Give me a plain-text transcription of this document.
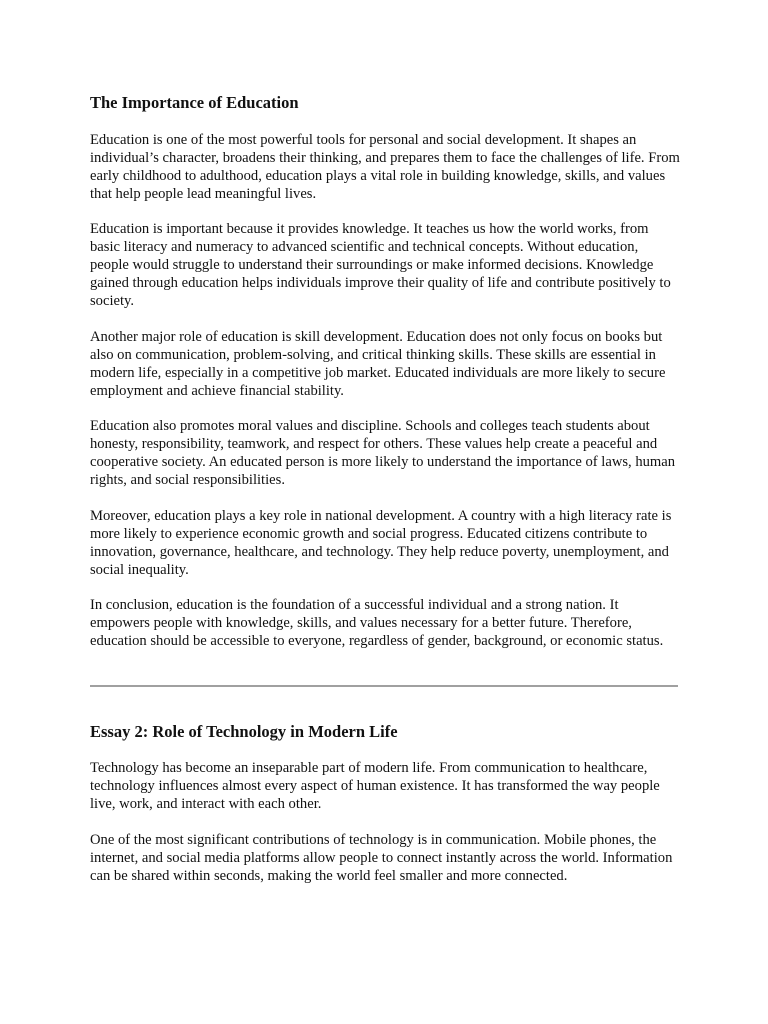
The Importance of Education

Education is one of the most powerful tools for personal and social development. It shapes an individual’s character, broadens their thinking, and prepares them to face the challenges of life. From early childhood to adulthood, education plays a vital role in building knowledge, skills, and values that help people lead meaningful lives.

Education is important because it provides knowledge. It teaches us how the world works, from basic literacy and numeracy to advanced scientific and technical concepts. Without education, people would struggle to understand their surroundings or make informed decisions. Knowledge gained through education helps individuals improve their quality of life and contribute positively to society.

Another major role of education is skill development. Education does not only focus on books but also on communication, problem-solving, and critical thinking skills. These skills are essential in modern life, especially in a competitive job market. Educated individuals are more likely to secure employment and achieve financial stability.

Education also promotes moral values and discipline. Schools and colleges teach students about honesty, responsibility, teamwork, and respect for others. These values help create a peaceful and cooperative society. An educated person is more likely to understand the importance of laws, human rights, and social responsibilities.

Moreover, education plays a key role in national development. A country with a high literacy rate is more likely to experience economic growth and social progress. Educated citizens contribute to innovation, governance, healthcare, and technology. They help reduce poverty, unemployment, and social inequality.

In conclusion, education is the foundation of a successful individual and a strong nation. It empowers people with knowledge, skills, and values necessary for a better future. Therefore, education should be accessible to everyone, regardless of gender, background, or economic status.

Essay 2: Role of Technology in Modern Life

Technology has become an inseparable part of modern life. From communication to healthcare, technology influences almost every aspect of human existence. It has transformed the way people live, work, and interact with each other.

One of the most significant contributions of technology is in communication. Mobile phones, the internet, and social media platforms allow people to connect instantly across the world. Information can be shared within seconds, making the world feel smaller and more connected.
